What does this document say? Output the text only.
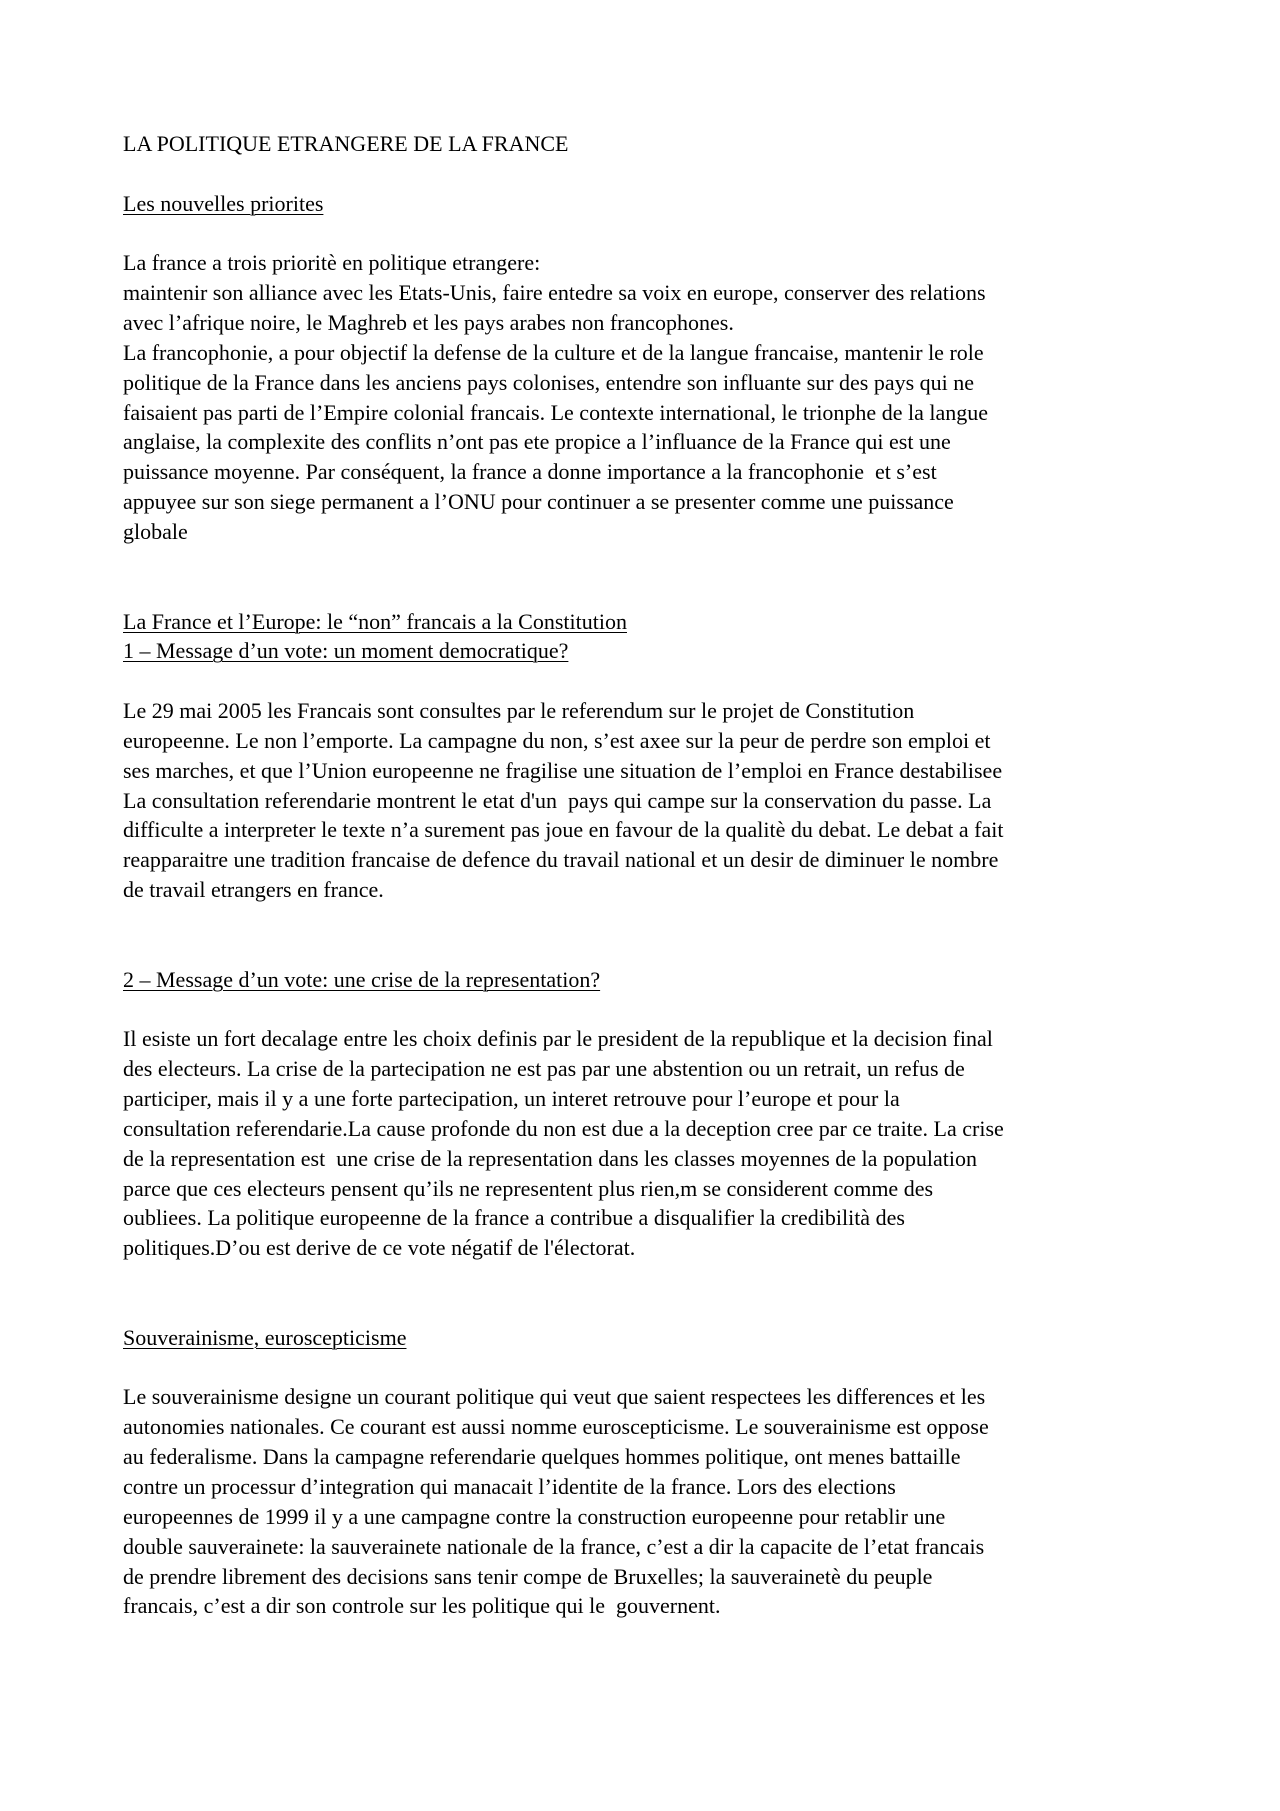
LA POLITIQUE ETRANGERE DE LA FRANCE
Les nouvelles priorites
La france a trois prioritè en politique etrangere:
maintenir son alliance avec les Etats-Unis, faire entedre sa voix en europe, conserver des relations
avec l’afrique noire, le Maghreb et les pays arabes non francophones.
La francophonie, a pour objectif la defense de la culture et de la langue francaise, mantenir le role
politique de la France dans les anciens pays colonises, entendre son influante sur des pays qui ne
faisaient pas parti de l’Empire colonial francais. Le contexte international, le trionphe de la langue
anglaise, la complexite des conflits n’ont pas ete propice a l’influance de la France qui est une
puissance moyenne. Par conséquent, la france a donne importance a la francophonie  et s’est
appuyee sur son siege permanent a l’ONU pour continuer a se presenter comme une puissance
globale
La France et l’Europe: le “non” francais a la Constitution
1 – Message d’un vote: un moment democratique?
Le 29 mai 2005 les Francais sont consultes par le referendum sur le projet de Constitution
europeenne. Le non l’emporte. La campagne du non, s’est axee sur la peur de perdre son emploi et
ses marches, et que l’Union europeenne ne fragilise une situation de l’emploi en France destabilisee
La consultation referendarie montrent le etat d'un  pays qui campe sur la conservation du passe. La
difficulte a interpreter le texte n’a surement pas joue en favour de la qualitè du debat. Le debat a fait
reapparaitre une tradition francaise de defence du travail national et un desir de diminuer le nombre
de travail etrangers en france.
2 – Message d’un vote: une crise de la representation?
Il esiste un fort decalage entre les choix definis par le president de la republique et la decision final
des electeurs. La crise de la partecipation ne est pas par une abstention ou un retrait, un refus de
participer, mais il y a une forte partecipation, un interet retrouve pour l’europe et pour la
consultation referendarie.La cause profonde du non est due a la deception cree par ce traite. La crise
de la representation est  une crise de la representation dans les classes moyennes de la population
parce que ces electeurs pensent qu’ils ne representent plus rien,m se considerent comme des
oubliees. La politique europeenne de la france a contribue a disqualifier la credibilità des
politiques.D’ou est derive de ce vote négatif de l'électorat.
Souverainisme, euroscepticisme
Le souverainisme designe un courant politique qui veut que saient respectees les differences et les
autonomies nationales. Ce courant est aussi nomme euroscepticisme. Le souverainisme est oppose
au federalisme. Dans la campagne referendarie quelques hommes politique, ont menes battaille
contre un processur d’integration qui manacait l’identite de la france. Lors des elections
europeennes de 1999 il y a une campagne contre la construction europeenne pour retablir une
double sauverainete: la sauverainete nationale de la france, c’est a dir la capacite de l’etat francais
de prendre librement des decisions sans tenir compe de Bruxelles; la sauverainetè du peuple
francais, c’est a dir son controle sur les politique qui le  gouvernent.
